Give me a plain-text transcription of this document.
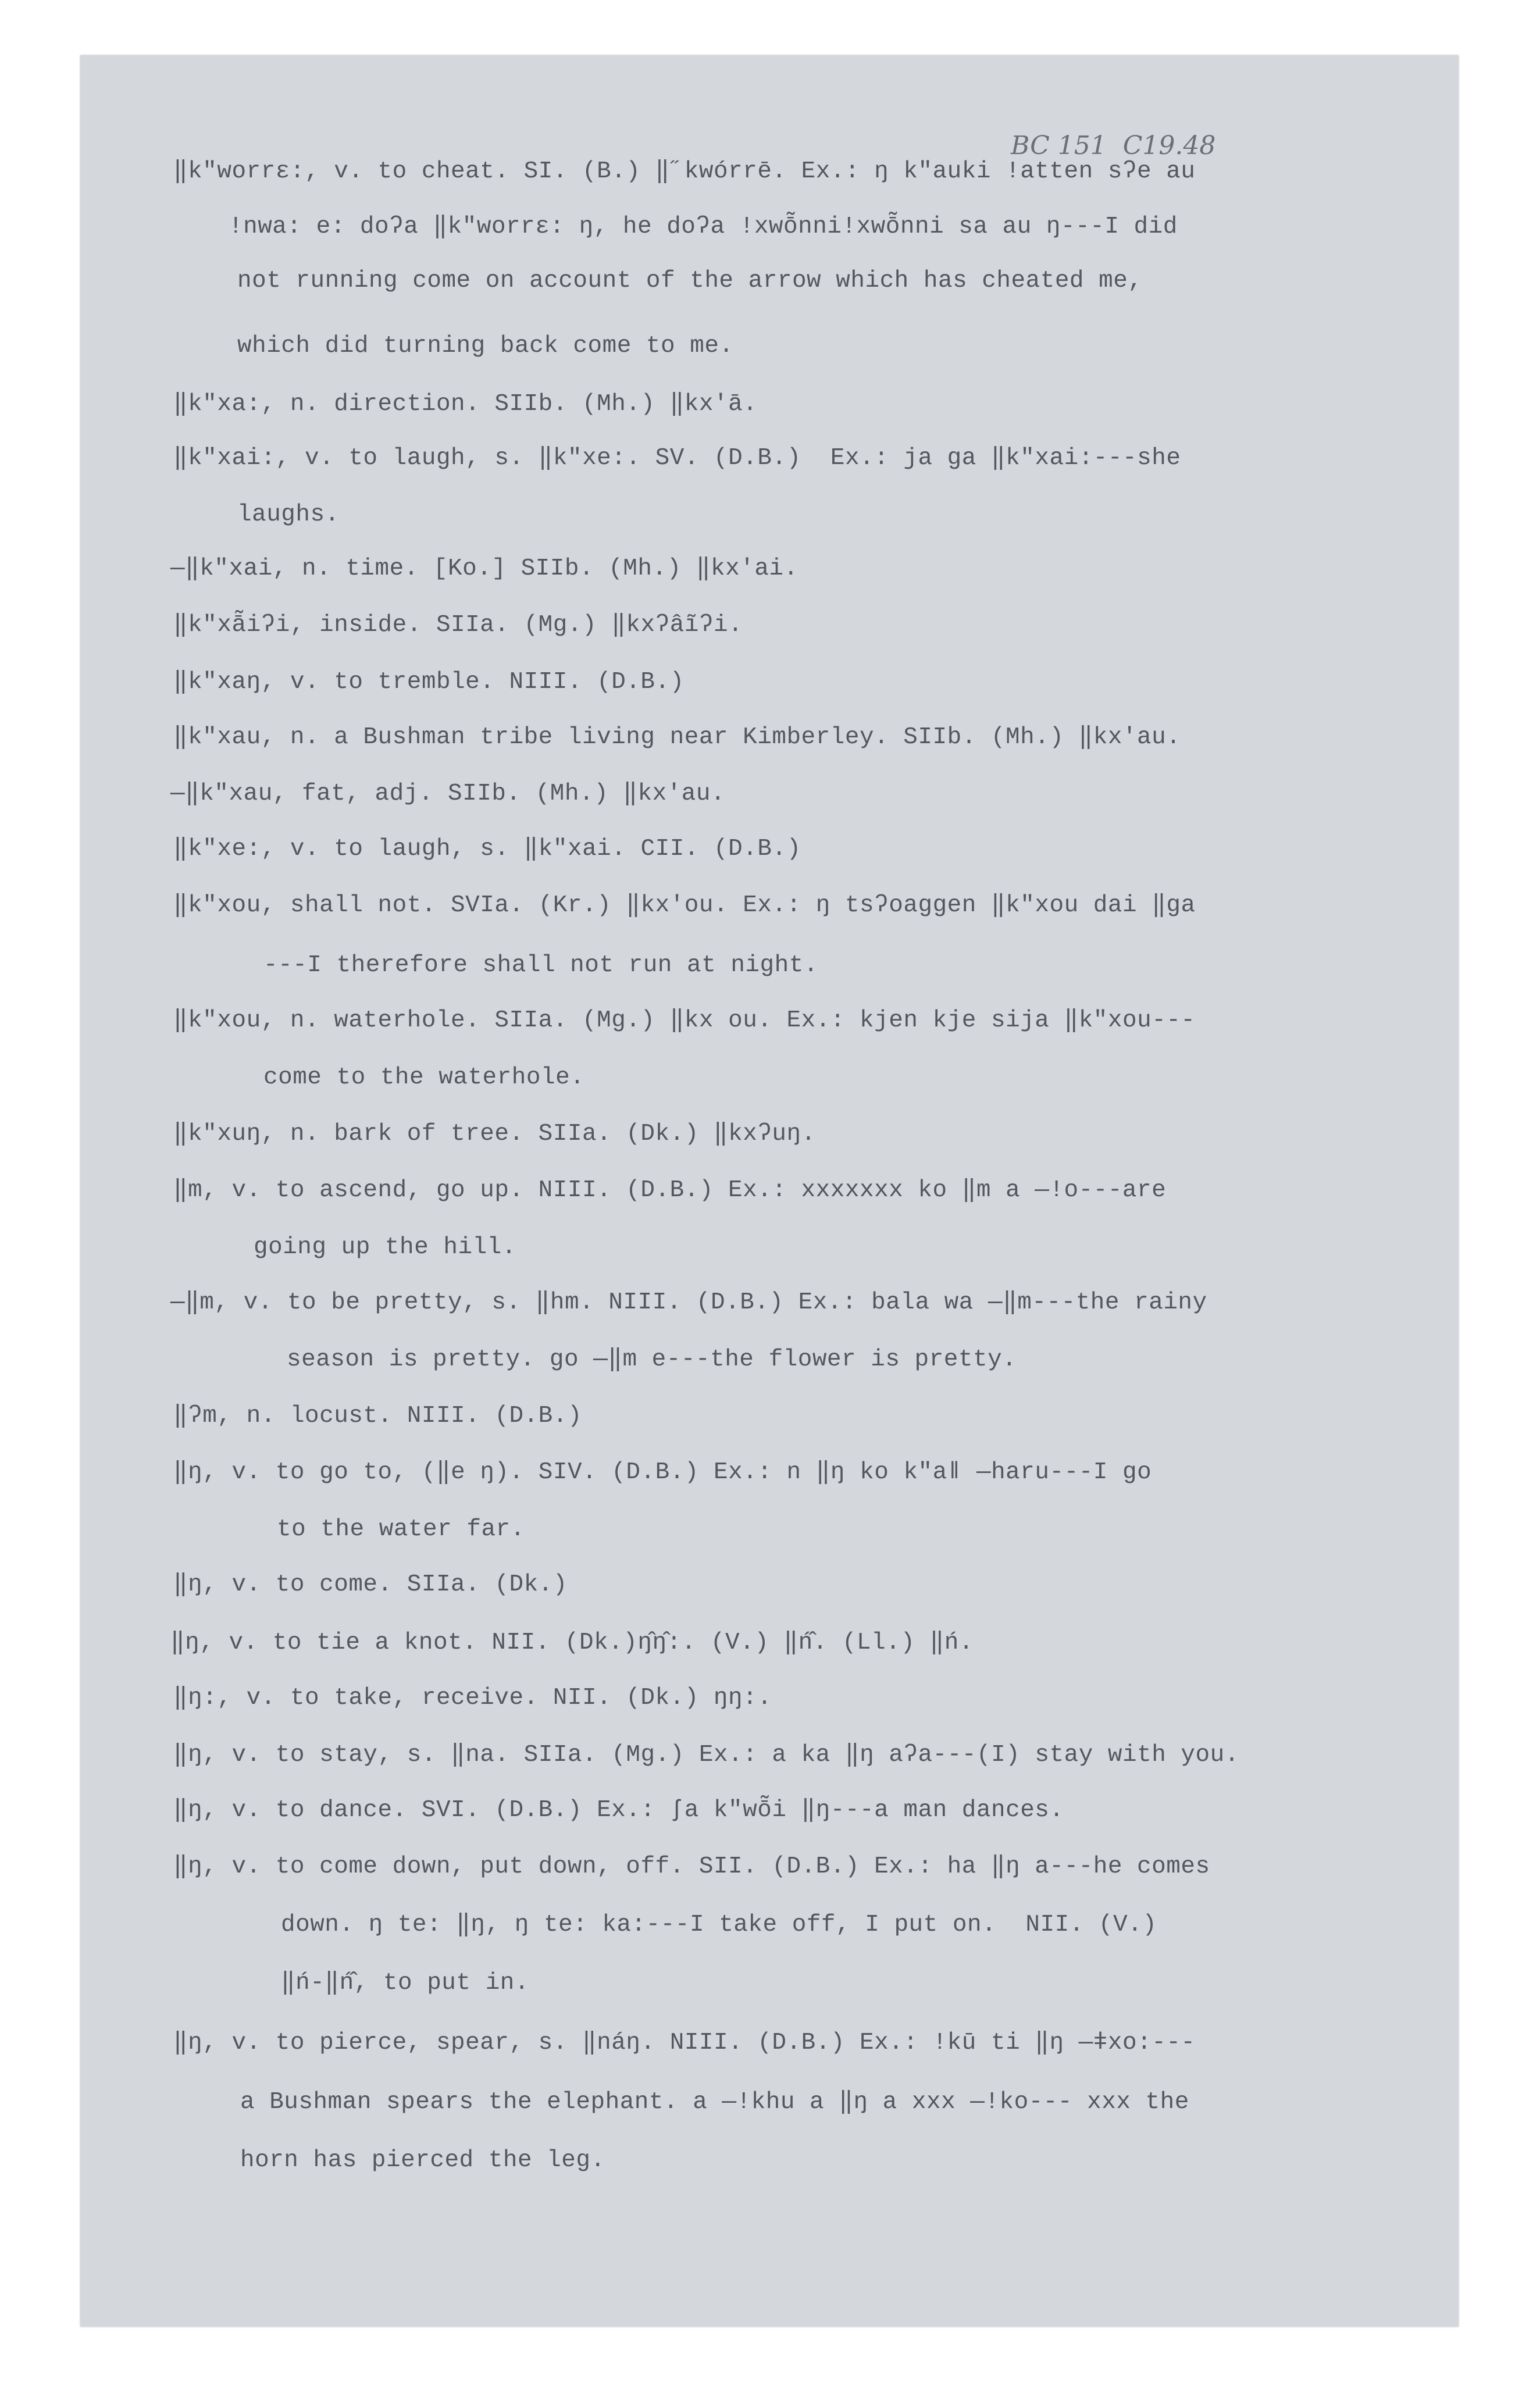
BC 151  C19.48

‖k"worrɛ:, v. to cheat. SI. (B.) ‖˝kwórrē. Ex.: ŋ k"auki !atten sʔe au

!nwa: e: doʔa ‖k"worrɛ: ŋ, he doʔa !xwō̃nni!xwō̃nni sa au ŋ---I did

not running come on account of the arrow which has cheated me,

which did turning back come to me.

‖k"xa:, n. direction. SIIb. (Mh.) ‖kx'ā.

‖k"xai:, v. to laugh, s. ‖k"xe:. SV. (D.B.)  Ex.: ja ga ‖k"xai:---she

laughs.

—‖k"xai, n. time. [Ko.] SIIb. (Mh.) ‖kx'ai.

‖k"xā̃iʔi, inside. SIIa. (Mg.) ‖kxʔâĩʔi.

‖k"xaŋ, v. to tremble. NIII. (D.B.)

‖k"xau, n. a Bushman tribe living near Kimberley. SIIb. (Mh.) ‖kx'au.

—‖k"xau, fat, adj. SIIb. (Mh.) ‖kx'au.

‖k"xe:, v. to laugh, s. ‖k"xai. CII. (D.B.)

‖k"xou, shall not. SVIa. (Kr.) ‖kx'ou. Ex.: ŋ tsʔoaggen ‖k"xou dai ‖ga

---I therefore shall not run at night.

‖k"xou, n. waterhole. SIIa. (Mg.) ‖kx ou. Ex.: kjen kje sija ‖k"xou---

come to the waterhole.

‖k"xuŋ, n. bark of tree. SIIa. (Dk.) ‖kxʔuŋ.

‖m, v. to ascend, go up. NIII. (D.B.) Ex.: xxxxxxx ko ‖m a —!o---are

going up the hill.

—‖m, v. to be pretty, s. ‖hm. NIII. (D.B.) Ex.: bala wa —‖m---the rainy

season is pretty. go —‖m e---the flower is pretty.

‖ʔm, n. locust. NIII. (D.B.)

‖ŋ, v. to go to, (‖e ŋ). SIV. (D.B.) Ex.: n ‖ŋ ko k"aǁ —haru---I go

to the water far.

‖ŋ, v. to come. SIIa. (Dk.)

‖ŋ, v. to tie a knot. NII. (Dk.)ŋ̂ŋ̂:. (V.) ‖ń̂. (Ll.) ‖ń.

‖ŋ:, v. to take, receive. NII. (Dk.) ŋŋ:.

‖ŋ, v. to stay, s. ‖na. SIIa. (Mg.) Ex.: a ka ‖ŋ aʔa---(I) stay with you.

‖ŋ, v. to dance. SVI. (D.B.) Ex.: ʃa k"wō̃i ‖ŋ---a man dances.

‖ŋ, v. to come down, put down, off. SII. (D.B.) Ex.: ha ‖ŋ a---he comes

down. ŋ te: ‖ŋ, ŋ te: ka:---I take off, I put on.  NII. (V.)

‖ń-‖ń̂, to put in.

‖ŋ, v. to pierce, spear, s. ‖náŋ. NIII. (D.B.) Ex.: !kū ti ‖ŋ —ǂxo:---

a Bushman spears the elephant. a —!khu a ‖ŋ a xxx —!ko--- xxx the

horn has pierced the leg.
